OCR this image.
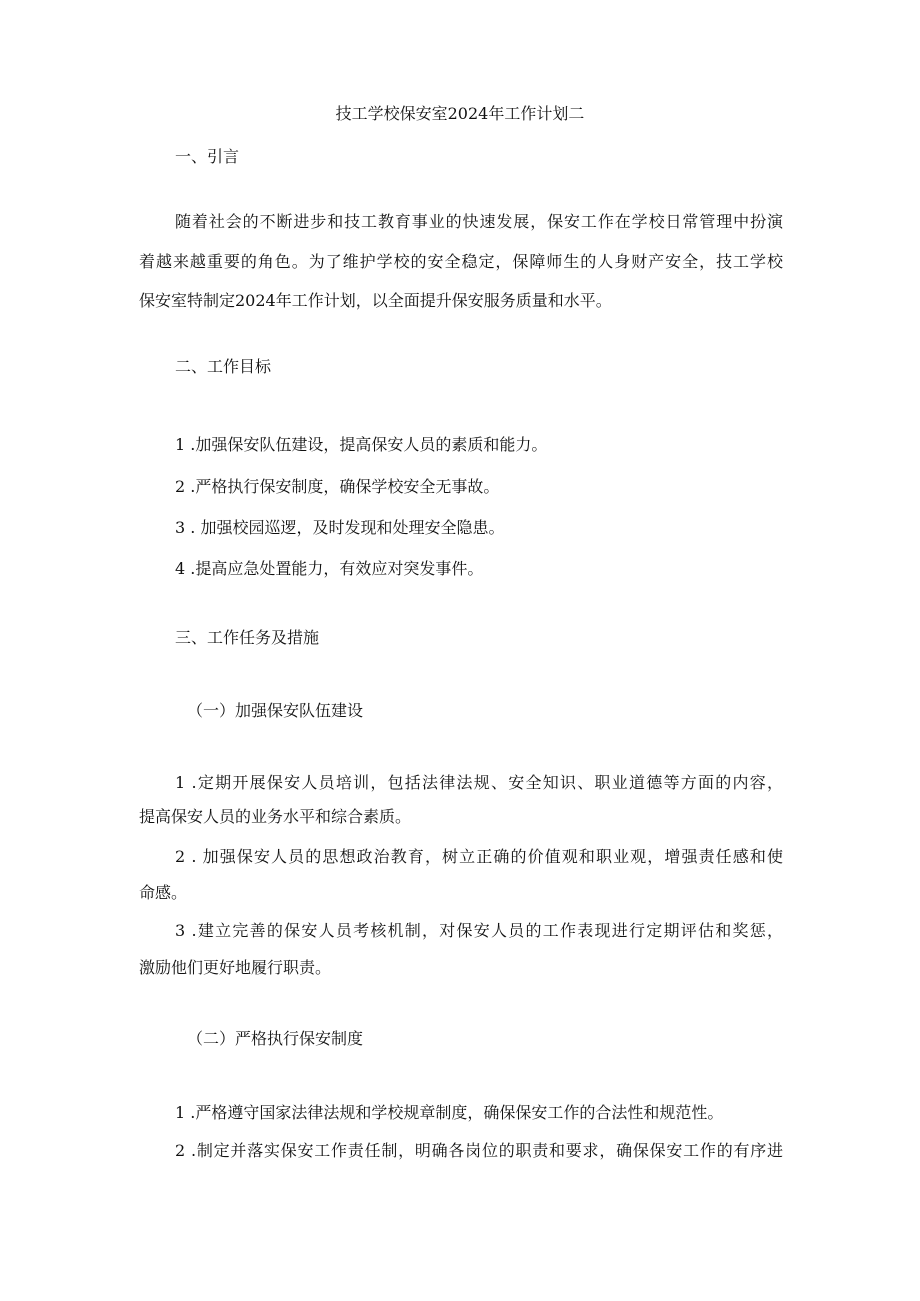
技工学校保安室2024年工作计划二
一、引言
随着社会的不断进步和技工教育事业的快速发展，保安工作在学校日常管理中扮演
着越来越重要的角色。为了维护学校的安全稳定，保障师生的人身财产安全，技工学校
保安室特制定2024年工作计划，以全面提升保安服务质量和水平。
二、工作目标
1 .加强保安队伍建设，提高保安人员的素质和能力。
2 .严格执行保安制度，确保学校安全无事故。
3 . 加强校园巡逻，及时发现和处理安全隐患。
4 .提高应急处置能力，有效应对突发事件。
三、工作任务及措施
（一）加强保安队伍建设
1 .定期开展保安人员培训，包括法律法规、安全知识、职业道德等方面的内容，
提高保安人员的业务水平和综合素质。
2 . 加强保安人员的思想政治教育，树立正确的价值观和职业观，增强责任感和使
命感。
3 .建立完善的保安人员考核机制，对保安人员的工作表现进行定期评估和奖惩，
激励他们更好地履行职责。
（二）严格执行保安制度
1 .严格遵守国家法律法规和学校规章制度，确保保安工作的合法性和规范性。
2 .制定并落实保安工作责任制，明确各岗位的职责和要求，确保保安工作的有序进
